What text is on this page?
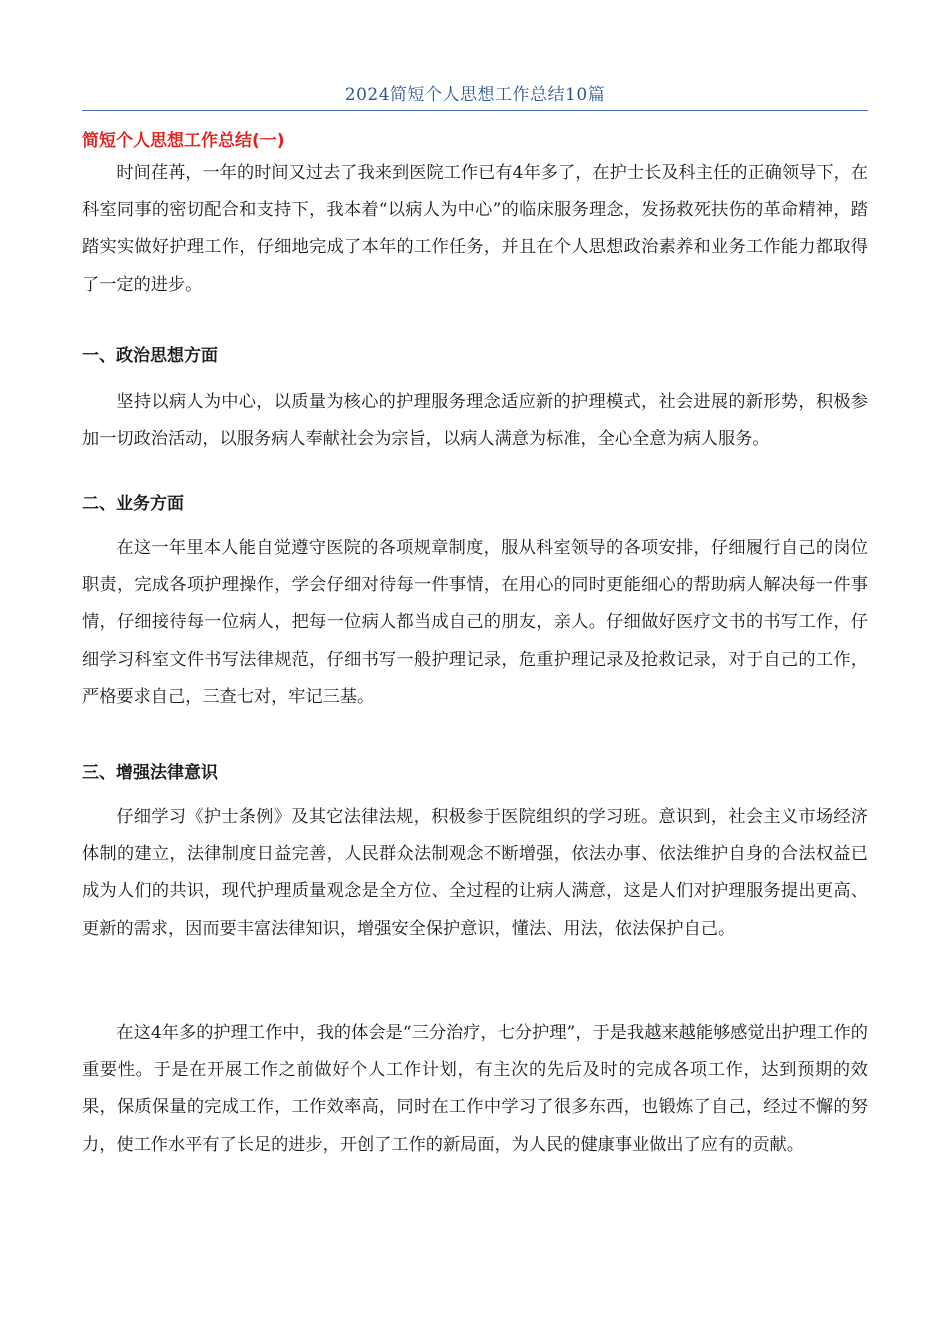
2024简短个人思想工作总结10篇
简短个人思想工作总结(一)

时间荏苒，一年的时间又过去了我来到医院工作已有4年多了，在护士长及科主任的正确领导下，在科室同事的密切配合和支持下，我本着“以病人为中心”的临床服务理念，发扬救死扶伤的革命精神，踏踏实实做好护理工作，仔细地完成了本年的工作任务，并且在个人思想政治素养和业务工作能力都取得了一定的进步。

一、政治思想方面

坚持以病人为中心，以质量为核心的护理服务理念适应新的护理模式，社会进展的新形势，积极参加一切政治活动，以服务病人奉献社会为宗旨，以病人满意为标准，全心全意为病人服务。

二、业务方面

在这一年里本人能自觉遵守医院的各项规章制度，服从科室领导的各项安排，仔细履行自己的岗位职责，完成各项护理操作，学会仔细对待每一件事情，在用心的同时更能细心的帮助病人解决每一件事情，仔细接待每一位病人，把每一位病人都当成自己的朋友，亲人。仔细做好医疗文书的书写工作，仔细学习科室文件书写法律规范，仔细书写一般护理记录，危重护理记录及抢救记录，对于自己的工作，严格要求自己，三查七对，牢记三基。

三、增强法律意识

仔细学习《护士条例》及其它法律法规，积极参于医院组织的学习班。意识到，社会主义市场经济体制的建立，法律制度日益完善，人民群众法制观念不断增强，依法办事、依法维护自身的合法权益已成为人们的共识，现代护理质量观念是全方位、全过程的让病人满意，这是人们对护理服务提出更高、更新的需求，因而要丰富法律知识，增强安全保护意识，懂法、用法，依法保护自己。

在这4年多的护理工作中，我的体会是“三分治疗，七分护理”，于是我越来越能够感觉出护理工作的重要性。于是在开展工作之前做好个人工作计划，有主次的先后及时的完成各项工作，达到预期的效果，保质保量的完成工作，工作效率高，同时在工作中学习了很多东西，也锻炼了自己，经过不懈的努力，使工作水平有了长足的进步，开创了工作的新局面，为人民的健康事业做出了应有的贡献。
